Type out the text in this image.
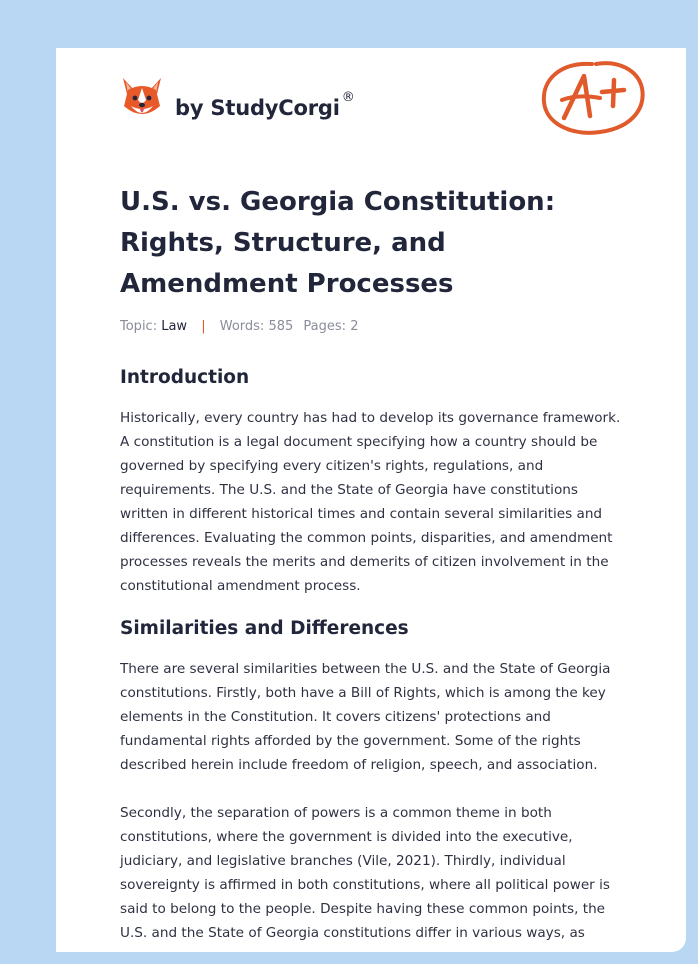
by StudyCorgi ®
U.S. vs. Georgia Constitution: Rights, Structure, and Amendment Processes
Topic: Law | Words: 585 Pages: 2
Introduction

Historically, every country has had to develop its governance framework. A constitution is a legal document specifying how a country should be governed by specifying every citizen's rights, regulations, and requirements. The U.S. and the State of Georgia have constitutions written in different historical times and contain several similarities and differences. Evaluating the common points, disparities, and amendment processes reveals the merits and demerits of citizen involvement in the constitutional amendment process.

Similarities and Differences

There are several similarities between the U.S. and the State of Georgia constitutions. Firstly, both have a Bill of Rights, which is among the key elements in the Constitution. It covers citizens' protections and fundamental rights afforded by the government. Some of the rights described herein include freedom of religion, speech, and association.

Secondly, the separation of powers is a common theme in both constitutions, where the government is divided into the executive, judiciary, and legislative branches (Vile, 2021). Thirdly, individual sovereignty is affirmed in both constitutions, where all political power is said to belong to the people. Despite having these common points, the U.S. and the State of Georgia constitutions differ in various ways, as
